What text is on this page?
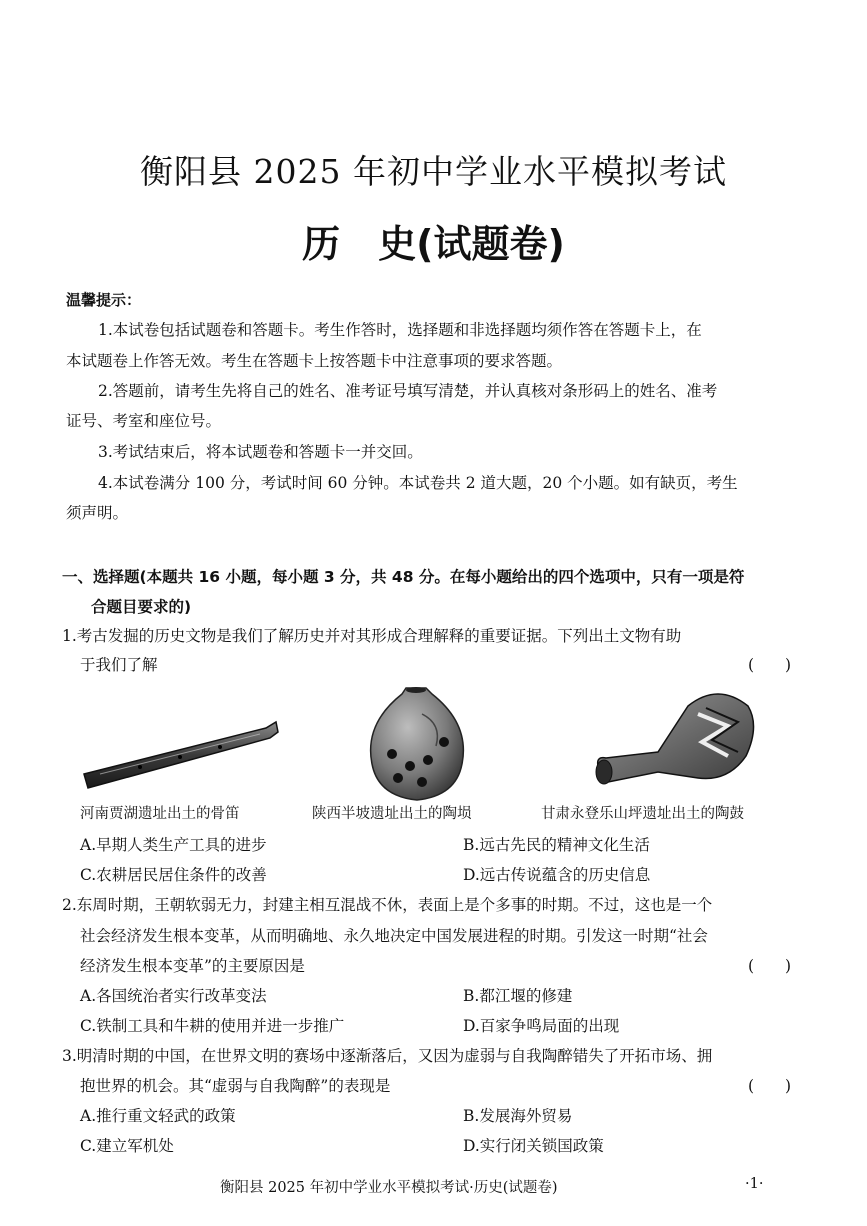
衡阳县 2025 年初中学业水平模拟考试
历　史(试题卷)
温馨提示：
1.本试卷包括试题卷和答题卡。考生作答时，选择题和非选择题均须作答在答题卡上，在
本试题卷上作答无效。考生在答题卡上按答题卡中注意事项的要求答题。
2.答题前，请考生先将自己的姓名、准考证号填写清楚，并认真核对条形码上的姓名、准考
证号、考室和座位号。
3.考试结束后，将本试题卷和答题卡一并交回。
4.本试卷满分 100 分，考试时间 60 分钟。本试卷共 2 道大题，20 个小题。如有缺页，考生
须声明。
一、选择题(本题共 16 小题，每小题 3 分，共 48 分。在每小题给出的四个选项中，只有一项是符
合题目要求的)
1.考古发掘的历史文物是我们了解历史并对其形成合理解释的重要证据。下列出土文物有助
于我们了解	(　　)
河南贾湖遗址出土的骨笛	陕西半坡遗址出土的陶埙	甘肃永登乐山坪遗址出土的陶鼓
A.早期人类生产工具的进步	B.远古先民的精神文化生活
C.农耕居民居住条件的改善	D.远古传说蕴含的历史信息
2.东周时期，王朝软弱无力，封建主相互混战不休，表面上是个多事的时期。不过，这也是一个
社会经济发生根本变革，从而明确地、永久地决定中国发展进程的时期。引发这一时期“社会
经济发生根本变革”的主要原因是	(　　)
A.各国统治者实行改革变法	B.都江堰的修建
C.铁制工具和牛耕的使用并进一步推广	D.百家争鸣局面的出现
3.明清时期的中国，在世界文明的赛场中逐渐落后，又因为虚弱与自我陶醉错失了开拓市场、拥
抱世界的机会。其“虚弱与自我陶醉”的表现是	(　　)
A.推行重文轻武的政策	B.发展海外贸易
C.建立军机处	D.实行闭关锁国政策
衡阳县 2025 年初中学业水平模拟考试·历史(试题卷)	·1·
